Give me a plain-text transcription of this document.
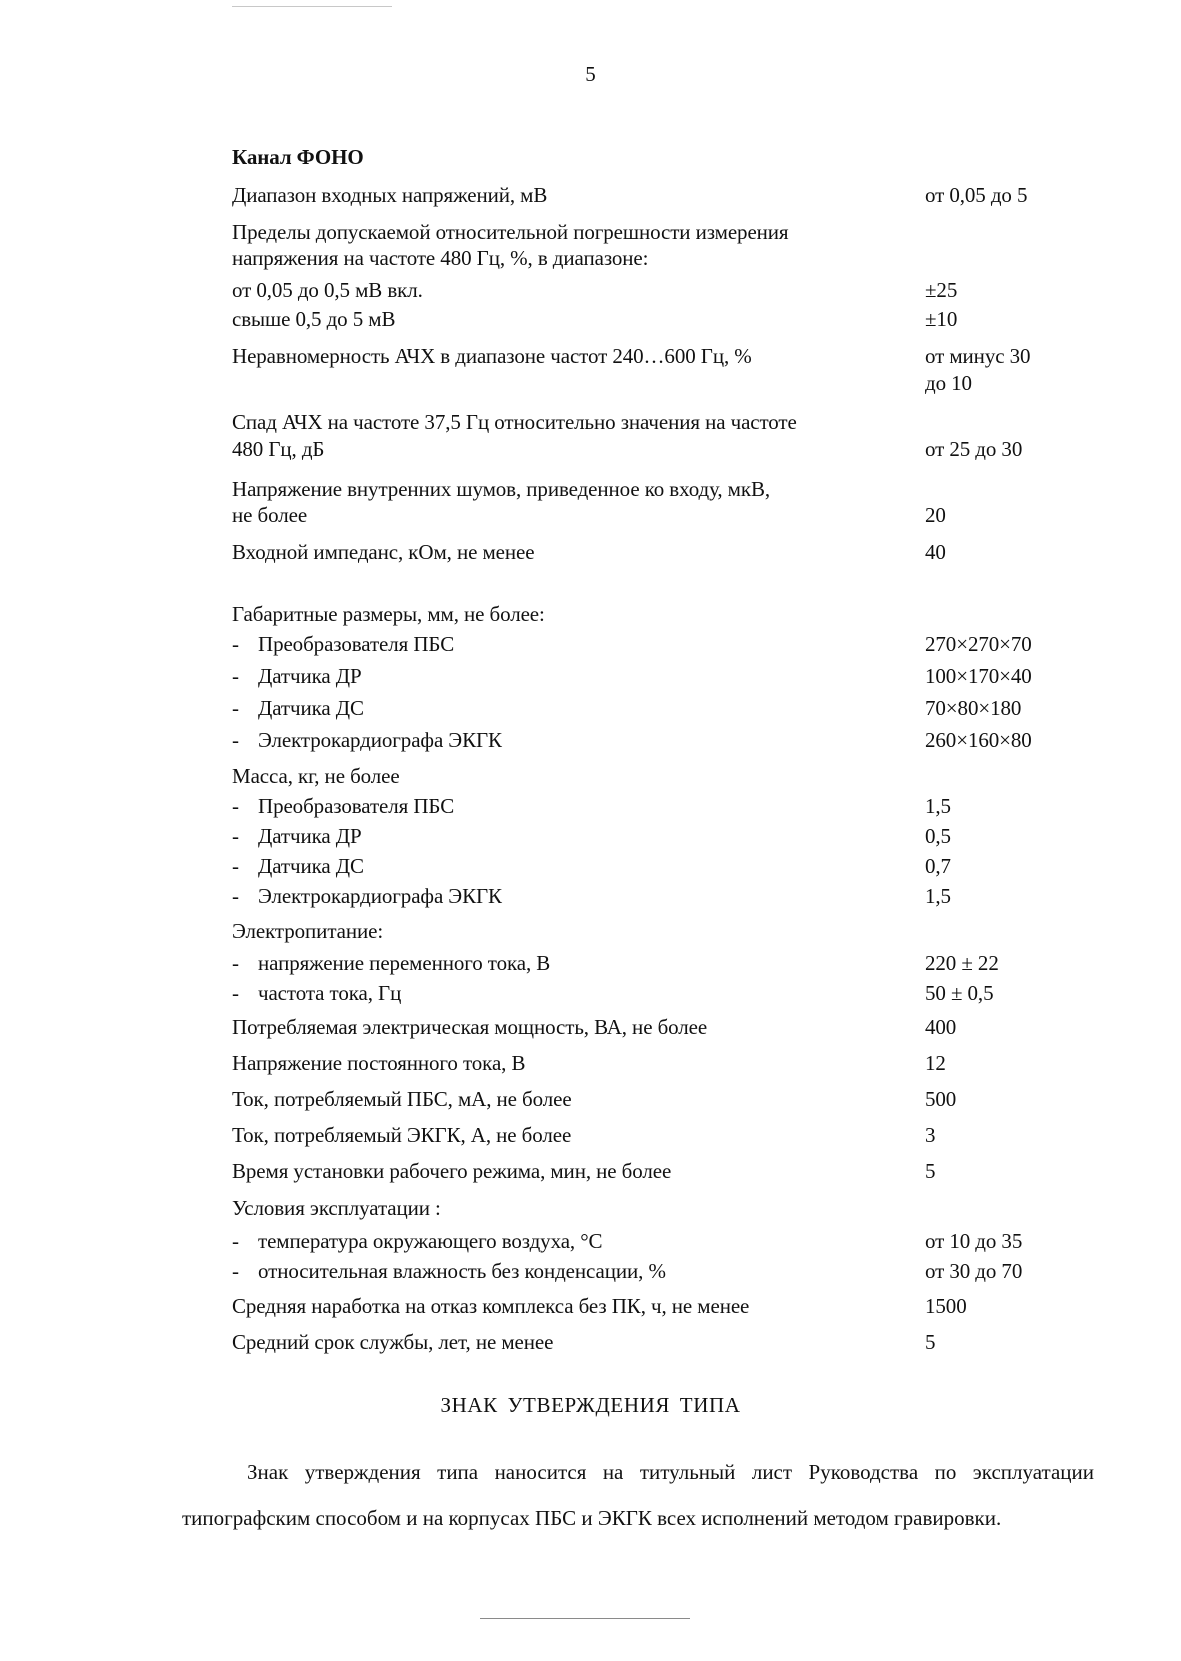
5
Канал ФОНО
Диапазон входных напряжений, мВ	от 0,05 до 5
Пределы допускаемой относительной погрешности измерения
напряжения на частоте 480 Гц, %, в диапазоне:
от 0,05 до 0,5 мВ вкл.	±25
свыше 0,5 до 5 мВ	±10
Неравномерность АЧХ в диапазоне частот 240…600 Гц, %	от минус 30
до 10
Спад АЧХ на частоте 37,5 Гц относительно значения на частоте
480 Гц, дБ	от 25 до 30
Напряжение внутренних шумов, приведенное ко входу, мкВ,
не более	20
Входной импеданс, кОм, не менее	40
Габаритные размеры, мм, не более:
- Преобразователя ПБС	270×270×70
- Датчика ДР	100×170×40
- Датчика ДС	70×80×180
- Электрокардиографа ЭКГК	260×160×80
Масса, кг, не более
- Преобразователя ПБС	1,5
- Датчика ДР	0,5
- Датчика ДС	0,7
- Электрокардиографа ЭКГК	1,5
Электропитание:
- напряжение переменного тока, В	220 ± 22
- частота тока, Гц	50 ± 0,5
Потребляемая электрическая мощность, ВА, не более	400
Напряжение постоянного тока, В	12
Ток, потребляемый ПБС, мА, не более	500
Ток, потребляемый ЭКГК, А, не более	3
Время установки рабочего режима, мин, не более	5
Условия эксплуатации :
- температура окружающего воздуха, °С	от 10 до 35
- относительная влажность без конденсации, %	от 30 до 70
Средняя наработка на отказ комплекса без ПК, ч, не менее	1500
Средний срок службы, лет, не менее	5
ЗНАК УТВЕРЖДЕНИЯ ТИПА
Знак утверждения типа наносится на титульный лист Руководства по эксплуатации
типографским способом и на корпусах ПБС и ЭКГК всех исполнений методом гравировки.
